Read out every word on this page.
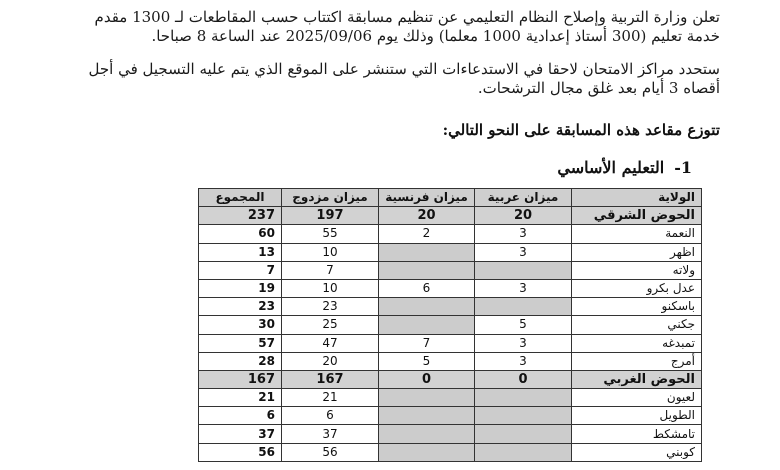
تعلن وزارة التربية وإصلاح النظام التعليمي عن تنظيم مسابقة اكتتاب حسب المقاطعات لـ 1300 مقدم خدمة تعليم (300 أستاذ إعدادية 1000 معلما) وذلك يوم 2025/09/06 عند الساعة 8 صباحا.
ستحدد مراكز الامتحان لاحقا في الاستدعاءات التي ستنشر على الموقع الذي يتم عليه التسجيل في أجل أقصاه 3 أيام بعد غلق مجال الترشحات.
تتوزع مقاعد هذه المسابقة على النحو التالي:
1-التعليم الأساسي
الولاية	ميزان عربية	ميزان فرنسية	ميزان مزدوج	المجموع
الحوض الشرقي	20	20	197	237
النعمة	3	2	55	60
اظهر	3		10	13
ولاته			7	7
عدل بكرو	3	6	10	19
باسكنو			23	23
جكني	5		25	30
تمبدغه	3	7	47	57
أمرج	3	5	20	28
الحوض الغربي	0	0	167	167
لعيون			21	21
الطويل			6	6
تامشكط			37	37
كوبني			56	56
